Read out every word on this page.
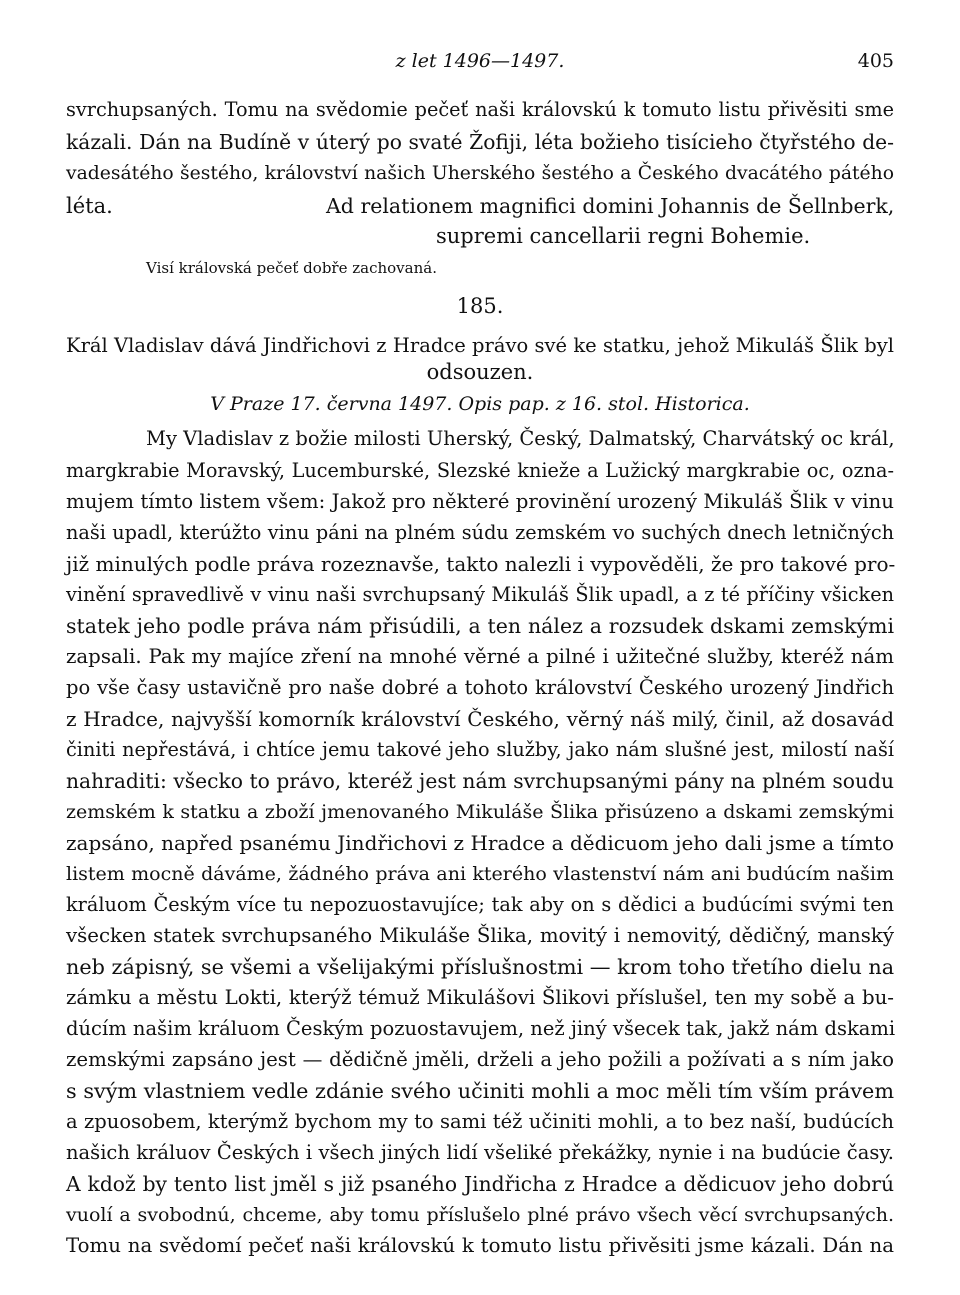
z let 1496—1497.	405
svrchupsaných. Tomu na svědomie pečeť naši královskú k tomuto listu přivěsiti sme
kázali. Dán na Budíně v úterý po svaté Žofiji, léta božieho tisícieho čtyřstého de-
vadesátého šestého, království našich Uherského šestého a Českého dvacátého pátého
léta.	Ad relationem magnifici domini Johannis de Šellnberk,
supremi cancellarii regni Bohemie.
Visí královská pečeť dobře zachovaná.
185.
Král Vladislav dává Jindřichovi z Hradce právo své ke statku, jehož Mikuláš Šlik byl
odsouzen.
V Praze 17. června 1497. Opis pap. z 16. stol. Historica.
My Vladislav z božie milosti Uherský, Český, Dalmatský, Charvátský oc král,
margkrabie Moravský, Lucemburské, Slezské knieže a Lužický margkrabie oc, ozna-
mujem tímto listem všem: Jakož pro některé provinění urozený Mikuláš Šlik v vinu
naši upadl, kterúžto vinu páni na plném súdu zemském vo suchých dnech letničných
již minulých podle práva rozeznavše, takto nalezli i vypověděli, že pro takové pro-
vinění spravedlivě v vinu naši svrchupsaný Mikuláš Šlik upadl, a z té příčiny všicken
statek jeho podle práva nám přisúdili, a ten nález a rozsudek dskami zemskými
zapsali. Pak my majíce zření na mnohé věrné a pilné i užitečné služby, kteréž nám
po vše časy ustavičně pro naše dobré a tohoto království Českého urozený Jindřich
z Hradce, najvyšší komorník království Českého, věrný náš milý, činil, až dosavád
činiti nepřestává, i chtíce jemu takové jeho služby, jako nám slušné jest, milostí naší
nahraditi: všecko to právo, kteréž jest nám svrchupsanými pány na plném soudu
zemském k statku a zboží jmenovaného Mikuláše Šlika přisúzeno a dskami zemskými
zapsáno, napřed psanému Jindřichovi z Hradce a dědicuom jeho dali jsme a tímto
listem mocně dáváme, žádného práva ani kterého vlastenství nám ani budúcím našim
králuom Českým více tu nepozuostavujíce; tak aby on s dědici a budúcími svými ten
všecken statek svrchupsaného Mikuláše Šlika, movitý i nemovitý, dědičný, manský
neb zápisný, se všemi a všelijakými příslušnostmi — krom toho třetího dielu na
zámku a městu Lokti, kterýž témuž Mikulášovi Šlikovi příslušel, ten my sobě a bu-
dúcím našim králuom Českým pozuostavujem, než jiný všecek tak, jakž nám dskami
zemskými zapsáno jest — dědičně jměli, drželi a jeho požili a požívati a s ním jako
s svým vlastniem vedle zdánie svého učiniti mohli a moc měli tím vším právem
a zpuosobem, kterýmž bychom my to sami též učiniti mohli, a to bez naší, budúcích
našich králuov Českých i všech jiných lidí všeliké překážky, nynie i na budúcie časy.
A kdož by tento list jměl s již psaného Jindřicha z Hradce a dědicuov jeho dobrú
vuolí a svobodnú, chceme, aby tomu příslušelo plné právo všech věcí svrchupsaných.
Tomu na svědomí pečeť naši královskú k tomuto listu přivěsiti jsme kázali. Dán na
